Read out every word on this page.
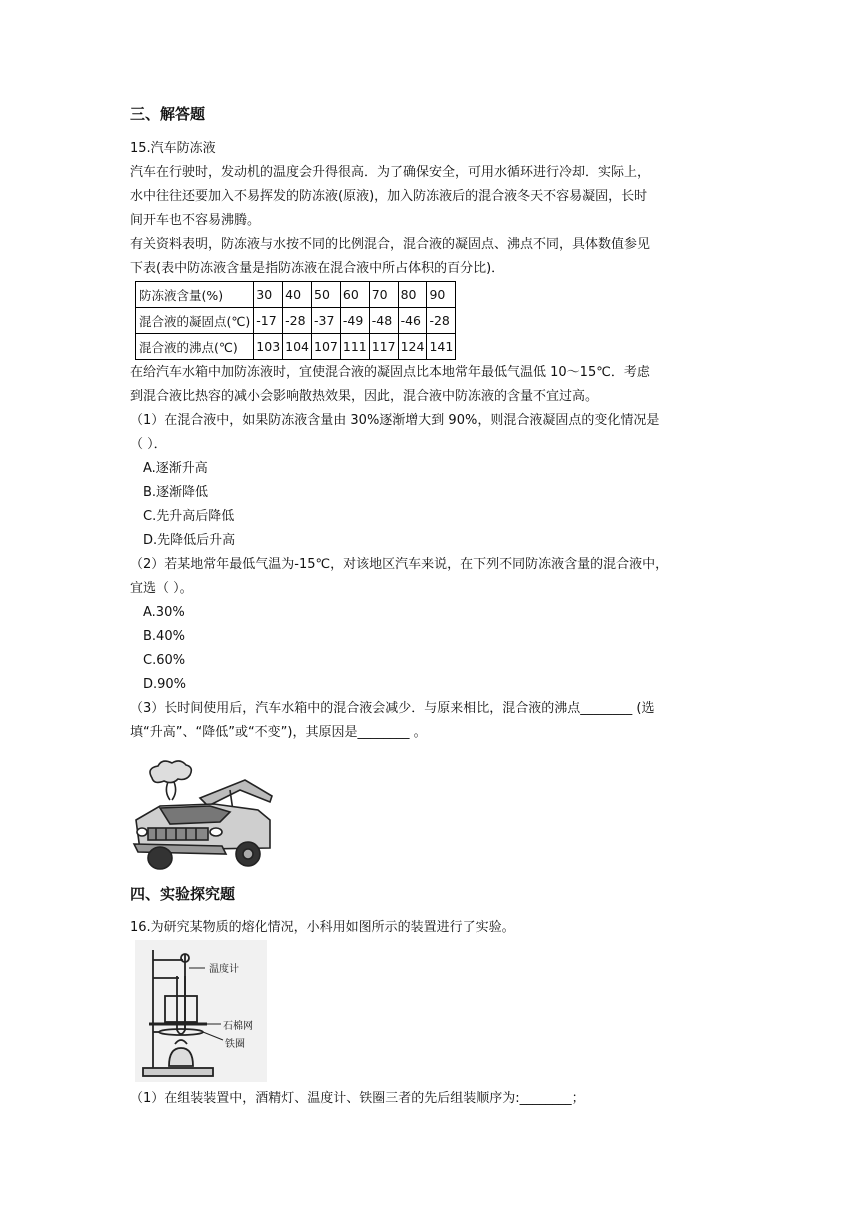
三、解答题
15.汽车防冻液
汽车在行驶时，发动机的温度会升得很高．为了确保安全，可用水循环进行冷却．实际上，
水中往往还要加入不易挥发的防冻液(原液)，加入防冻液后的混合液冬天不容易凝固，长时
间开车也不容易沸腾。
有关资料表明，防冻液与水按不同的比例混合，混合液的凝固点、沸点不同，具体数值参见
下表(表中防冻液含量是指防冻液在混合液中所占体积的百分比)．
防冻液含量(%)	30	40	50	60	70	80	90
混合液的凝固点(℃)	-17	-28	-37	-49	-48	-46	-28
混合液的沸点(℃)	103	104	107	111	117	124	141
在给汽车水箱中加防冻液时，宜使混合液的凝固点比本地常年最低气温低 10～15℃．考虑
到混合液比热容的减小会影响散热效果，因此，混合液中防冻液的含量不宜过高。
（1）在混合液中，如果防冻液含量由 30%逐渐增大到 90%，则混合液凝固点的变化情况是
（ ）．
A.逐渐升高
B.逐渐降低
C.先升高后降低
D.先降低后升高
（2）若某地常年最低气温为-15℃，对该地区汽车来说，在下列不同防冻液含量的混合液中，
宜选（ ）。
A.30%
B.40%
C.60%
D.90%
（3）长时间使用后，汽车水箱中的混合液会减少．与原来相比，混合液的沸点________ (选
填“升高”、“降低”或“不变”)，其原因是________ 。
四、实验探究题
16.为研究某物质的熔化情况，小科用如图所示的装置进行了实验。
温度计
石棉网
铁圈
（1）在组装装置中，酒精灯、温度计、铁圈三者的先后组装顺序为:________；
